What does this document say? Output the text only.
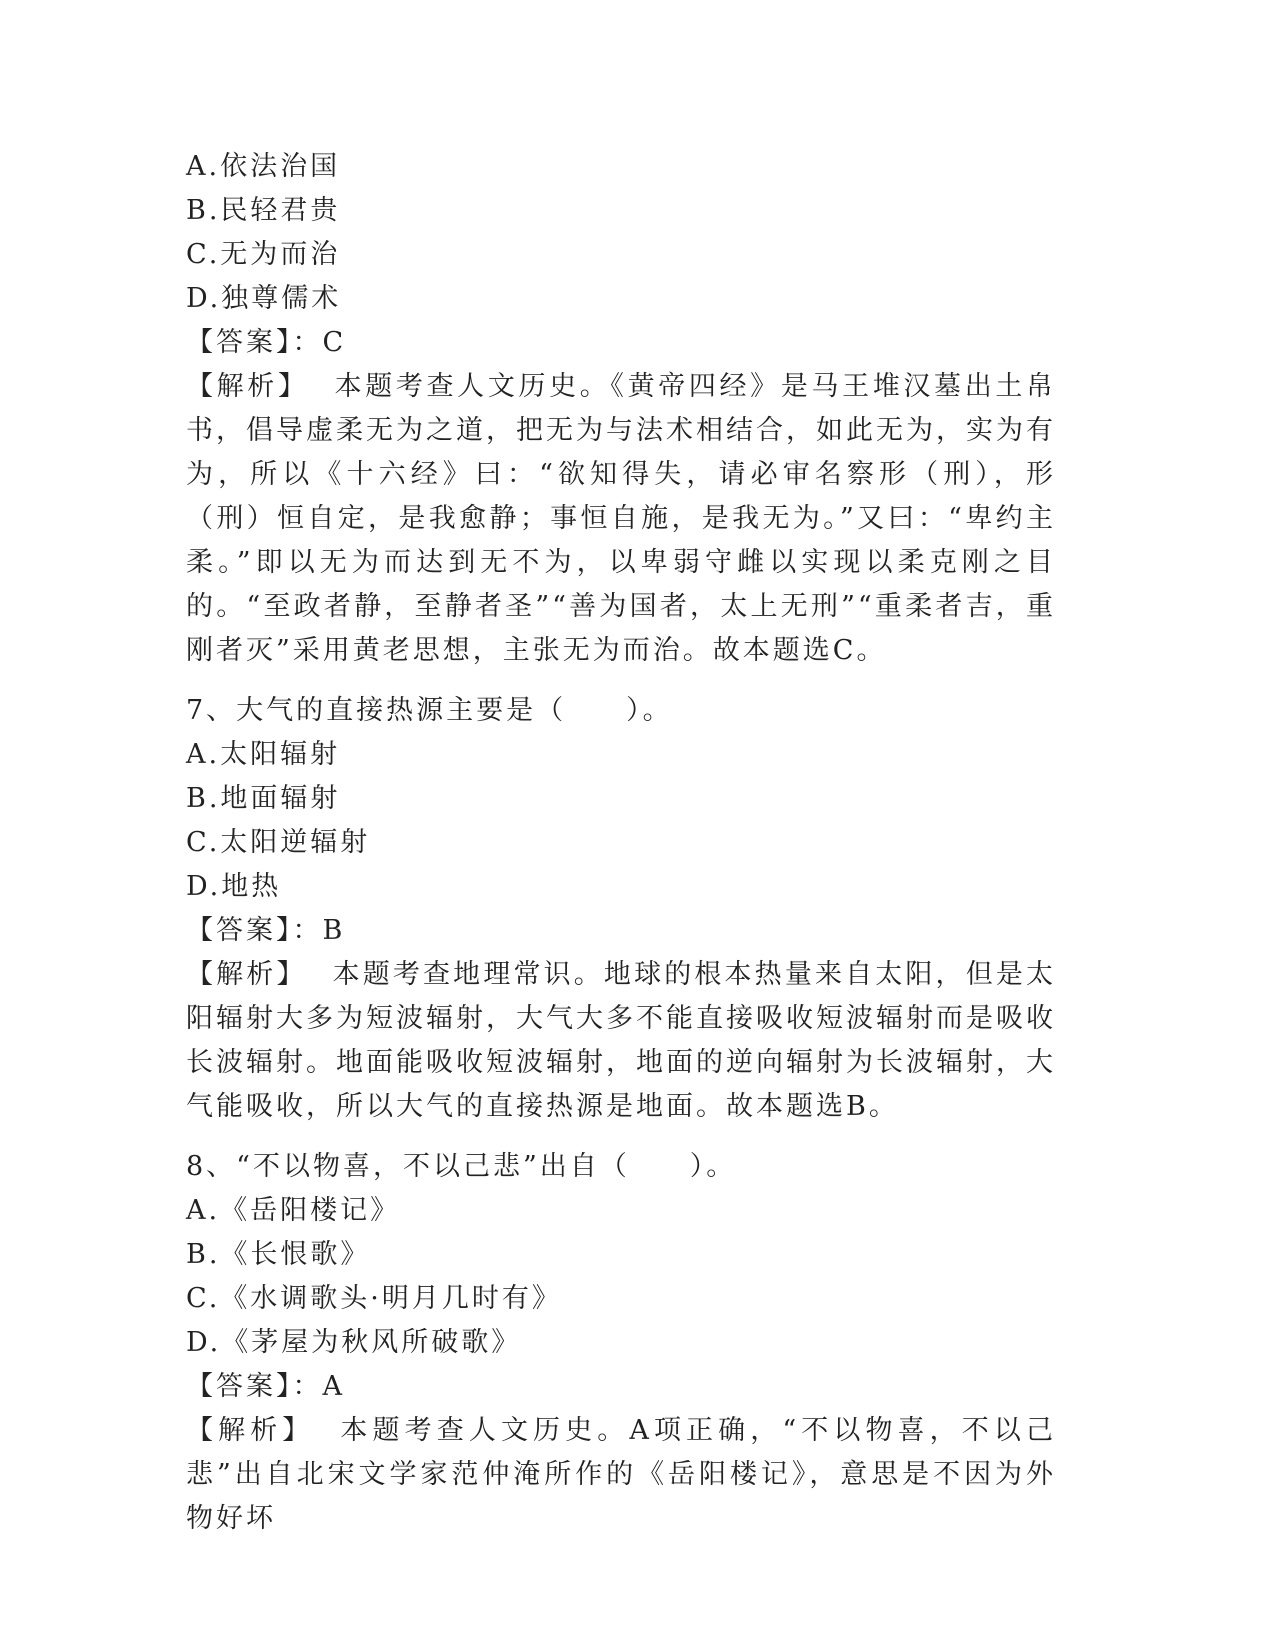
A.依法治国
B.民轻君贵
C.无为而治
D.独尊儒术
【答案】：C
【解析】 本题考查人文历史。《黄帝四经》是马王堆汉墓出土帛书，倡导虚柔无为之道，把无为与法术相结合，如此无为，实为有为，所以《十六经》曰：“欲知得失，请必审名察形（刑），形（刑）恒自定，是我愈静；事恒自施，是我无为。”又曰：“卑约主柔。”即以无为而达到无不为，以卑弱守雌以实现以柔克刚之目的。“至政者静，至静者圣”“善为国者，太上无刑”“重柔者吉，重刚者灭”采用黄老思想，主张无为而治。故本题选C。
7、大气的直接热源主要是（　　）。
A.太阳辐射
B.地面辐射
C.太阳逆辐射
D.地热
【答案】：B
【解析】 本题考查地理常识。地球的根本热量来自太阳，但是太阳辐射大多为短波辐射，大气大多不能直接吸收短波辐射而是吸收长波辐射。地面能吸收短波辐射，地面的逆向辐射为长波辐射，大气能吸收，所以大气的直接热源是地面。故本题选B。
8、“不以物喜，不以己悲”出自（　　）。
A.《岳阳楼记》
B.《长恨歌》
C.《水调歌头·明月几时有》
D.《茅屋为秋风所破歌》
【答案】：A
【解析】 本题考查人文历史。A项正确，“不以物喜，不以己悲”出自北宋文学家范仲淹所作的《岳阳楼记》，意思是不因为外物好坏
